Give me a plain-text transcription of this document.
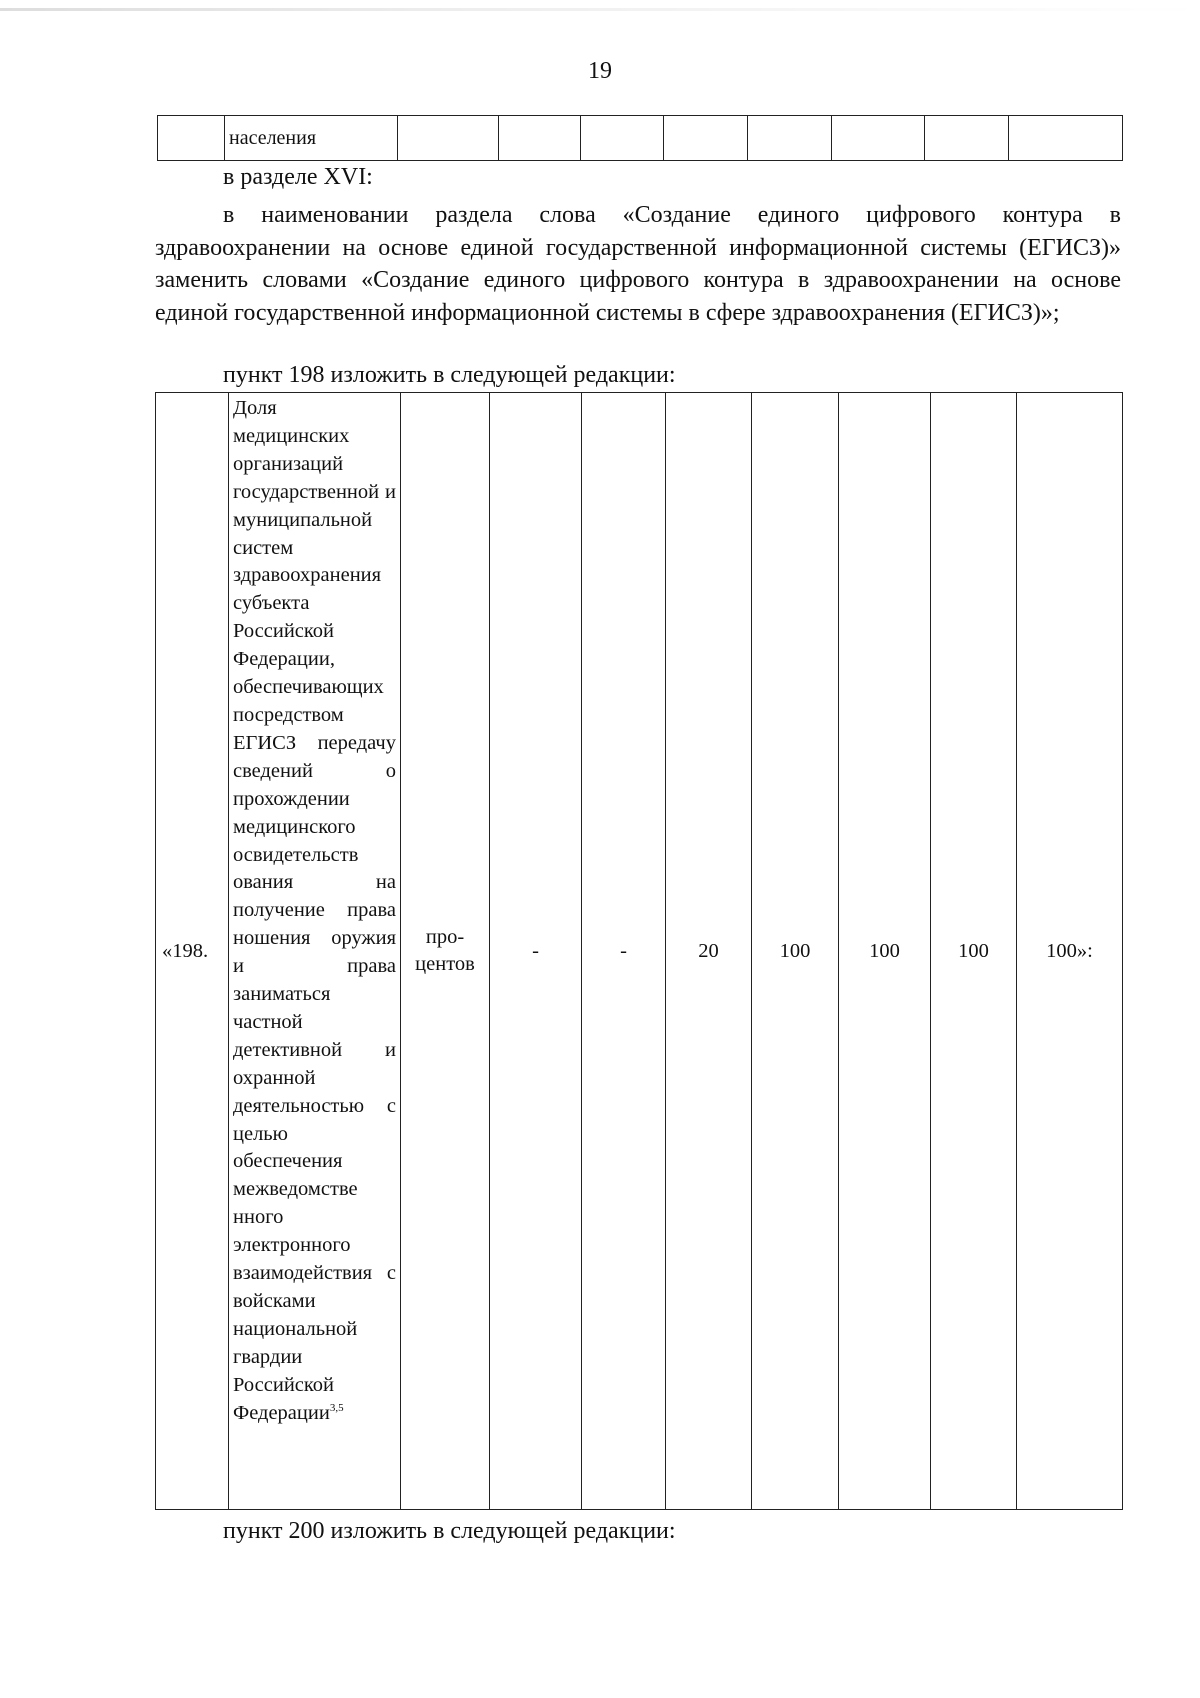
19
	населения								
в разделе XVI:
в наименовании раздела слова «Создание единого цифрового контура в здравоохранении на основе единой государственной информационной системы (ЕГИСЗ)» заменить словами «Создание единого цифрового контура в здравоохранении на основе единой государственной информационной системы в сфере здравоохранения (ЕГИСЗ)»;
пункт 198 изложить в следующей редакции:
«198.	Доля медицинских организаций государственной и муниципальной систем здравоохранения субъекта Российской Федерации, обеспечивающих посредством ЕГИСЗ передачу сведений о прохождении медицинского освидетельств ования на получение права ношения оружия и права заниматься частной детективной и охранной деятельностью с целью обеспечения межведомстве нного электронного взаимодействия с войсками национальной гвардии Российской Федерации$^{3,5}$	про-
центов	-	-	20	100	100	100	100»:
пункт 200 изложить в следующей редакции:
